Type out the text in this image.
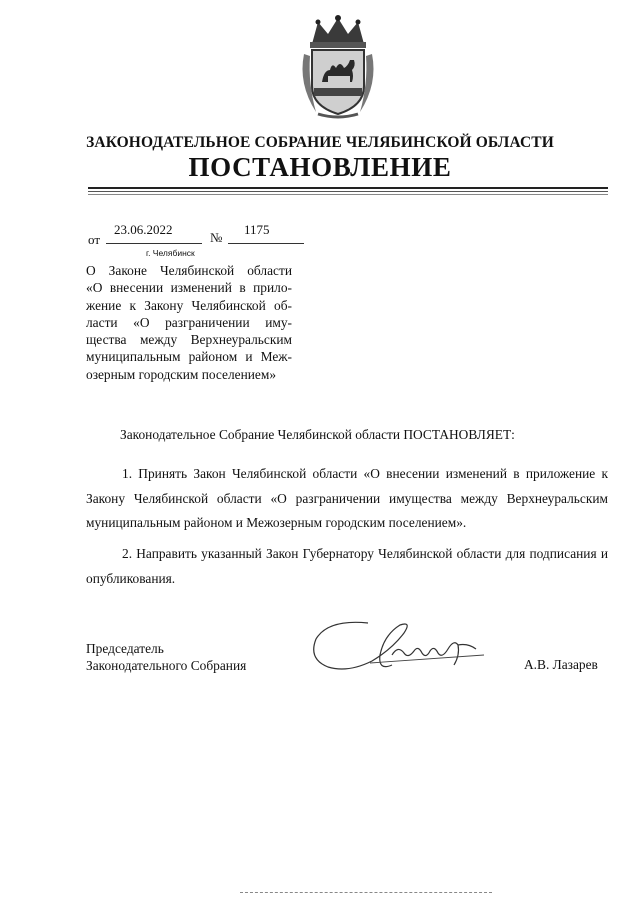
ЗАКОНОДАТЕЛЬНОЕ СОБРАНИЕ ЧЕЛЯБИНСКОЙ ОБЛАСТИ
ПОСТАНОВЛЕНИЕ
от
23.06.2022
№
1175
г. Челябинск
О Законе Челябинской области
«О внесении изменений в прило-
жение к Закону Челябинской об-
ласти «О разграничении иму-
щества между Верхнеуральским
муниципальным районом и Меж-
озерным городским поселением»
Законодательное Собрание Челябинской области ПОСТАНОВЛЯЕТ:
1. Принять Закон Челябинской области «О внесении изменений в приложение к Закону Челябинской области «О разграничении имущества между Верхнеуральским муниципальным районом и Межозерным городским поселением».
2. Направить указанный Закон Губернатору Челябинской области для подписания и опубликования.
Председатель
Законодательного Собрания	А.В. Лазарев
